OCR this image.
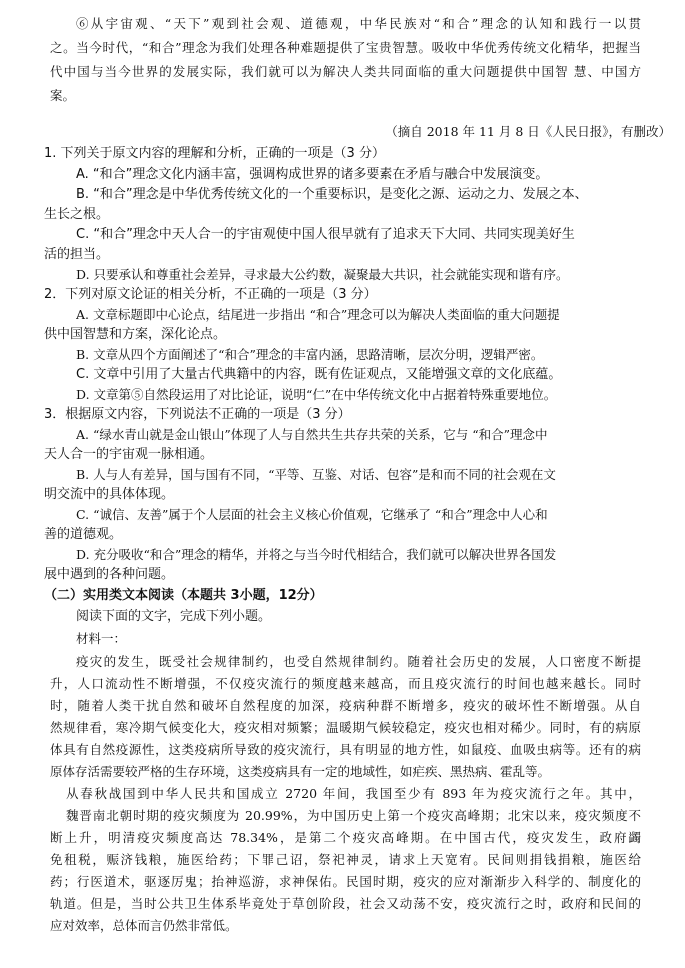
⑥从宇宙观、“天下”观到社会观、道德观，中华民族对“和合”理念的认知和践行一以贯
之。当今时代，“和合”理念为我们处理各种难题提供了宝贵智慧。吸收中华优秀传统文化精华，把握当
代中国与当今世界的发展实际，我们就可以为解决人类共同面临的重大问题提供中国智 慧、中国方
案。
（摘自 2018 年 11 月 8 日《人民日报》，有删改）
1. 下列关于原文内容的理解和分析，正确的一项是（3 分）
A. “和合”理念文化内涵丰富，强调构成世界的诸多要素在矛盾与融合中发展演变。
B. “和合”理念是中华优秀传统文化的一个重要标识，是变化之源、运动之力、发展之本、
生长之根。
C. “和合”理念中天人合一的宇宙观使中国人很早就有了追求天下大同、共同实现美好生
活的担当。
D. 只要承认和尊重社会差异，寻求最大公约数，凝聚最大共识，社会就能实现和谐有序。
2．下列对原文论证的相关分析，不正确的一项是（3 分）
A. 文章标题即中心论点，结尾进一步指出 “和合”理念可以为解决人类面临的重大问题提
供中国智慧和方案，深化论点。
B. 文章从四个方面阐述了“和合”理念的丰富内涵，思路清晰，层次分明，逻辑严密。
C. 文章中引用了大量古代典籍中的内容，既有佐证观点，又能增强文章的文化底蕴。
D. 文章第⑤自然段运用了对比论证，说明“仁”在中华传统文化中占据着特殊重要地位。
3．根据原文内容，下列说法不正确的一项是（3 分）
A. “绿水青山就是金山银山”体现了人与自然共生共存共荣的关系，它与 “和合”理念中
天人合一的宇宙观一脉相通。
B. 人与人有差异，国与国有不同，“平等、互鉴、对话、包容”是和而不同的社会观在文
明交流中的具体体现。
C. “诚信、友善”属于个人层面的社会主义核心价值观，它继承了 “和合”理念中人心和
善的道德观。
D. 充分吸收“和合”理念的精华，并将之与当今时代相结合，我们就可以解决世界各国发
展中遇到的各种问题。
（二）实用类文本阅读（本题共 3小题，12分）
阅读下面的文字，完成下列小题。
材料一：
疫灾的发生，既受社会规律制约，也受自然规律制约。随着社会历史的发展，人口密度不断提
升，人口流动性不断增强，不仅疫灾流行的频度越来越高，而且疫灾流行的时间也越来越长。同时
时，随着人类干扰自然和破坏自然程度的加深，疫病种群不断增多，疫灾的破坏性不断增强。从自
然规律看，寒冷期气候变化大，疫灾相对频繁；温暖期气候较稳定，疫灾也相对稀少。同时，有的病原
体具有自然疫源性，这类疫病所导致的疫灾流行，具有明显的地方性，如鼠疫、血吸虫病等。还有的病
原体存活需要较严格的生存环境，这类疫病具有一定的地域性，如疟疾、黑热病、霍乱等。
从春秋战国到中华人民共和国成立 2720 年间，我国至少有 893 年为疫灾流行之年。其中，
魏晋南北朝时期的疫灾频度为 20.99%，为中国历史上第一个疫灾高峰期；北宋以来，疫灾频度不
断上升，明清疫灾频度高达 78.34%，是第二个疫灾高峰期。在中国古代，疫灾发生，政府蠲
免租税，赈济钱粮，施医给药；下罪己诏，祭祀神灵，请求上天宽宥。民间则捐钱捐粮，施医给
药；行医道术，驱逐厉鬼；抬神巡游，求神保佑。民国时期，疫灾的应对渐渐步入科学的、制度化的
轨道。但是，当时公共卫生体系毕竟处于草创阶段，社会又动荡不安，疫灾流行之时，政府和民间的
应对效率，总体而言仍然非常低。
